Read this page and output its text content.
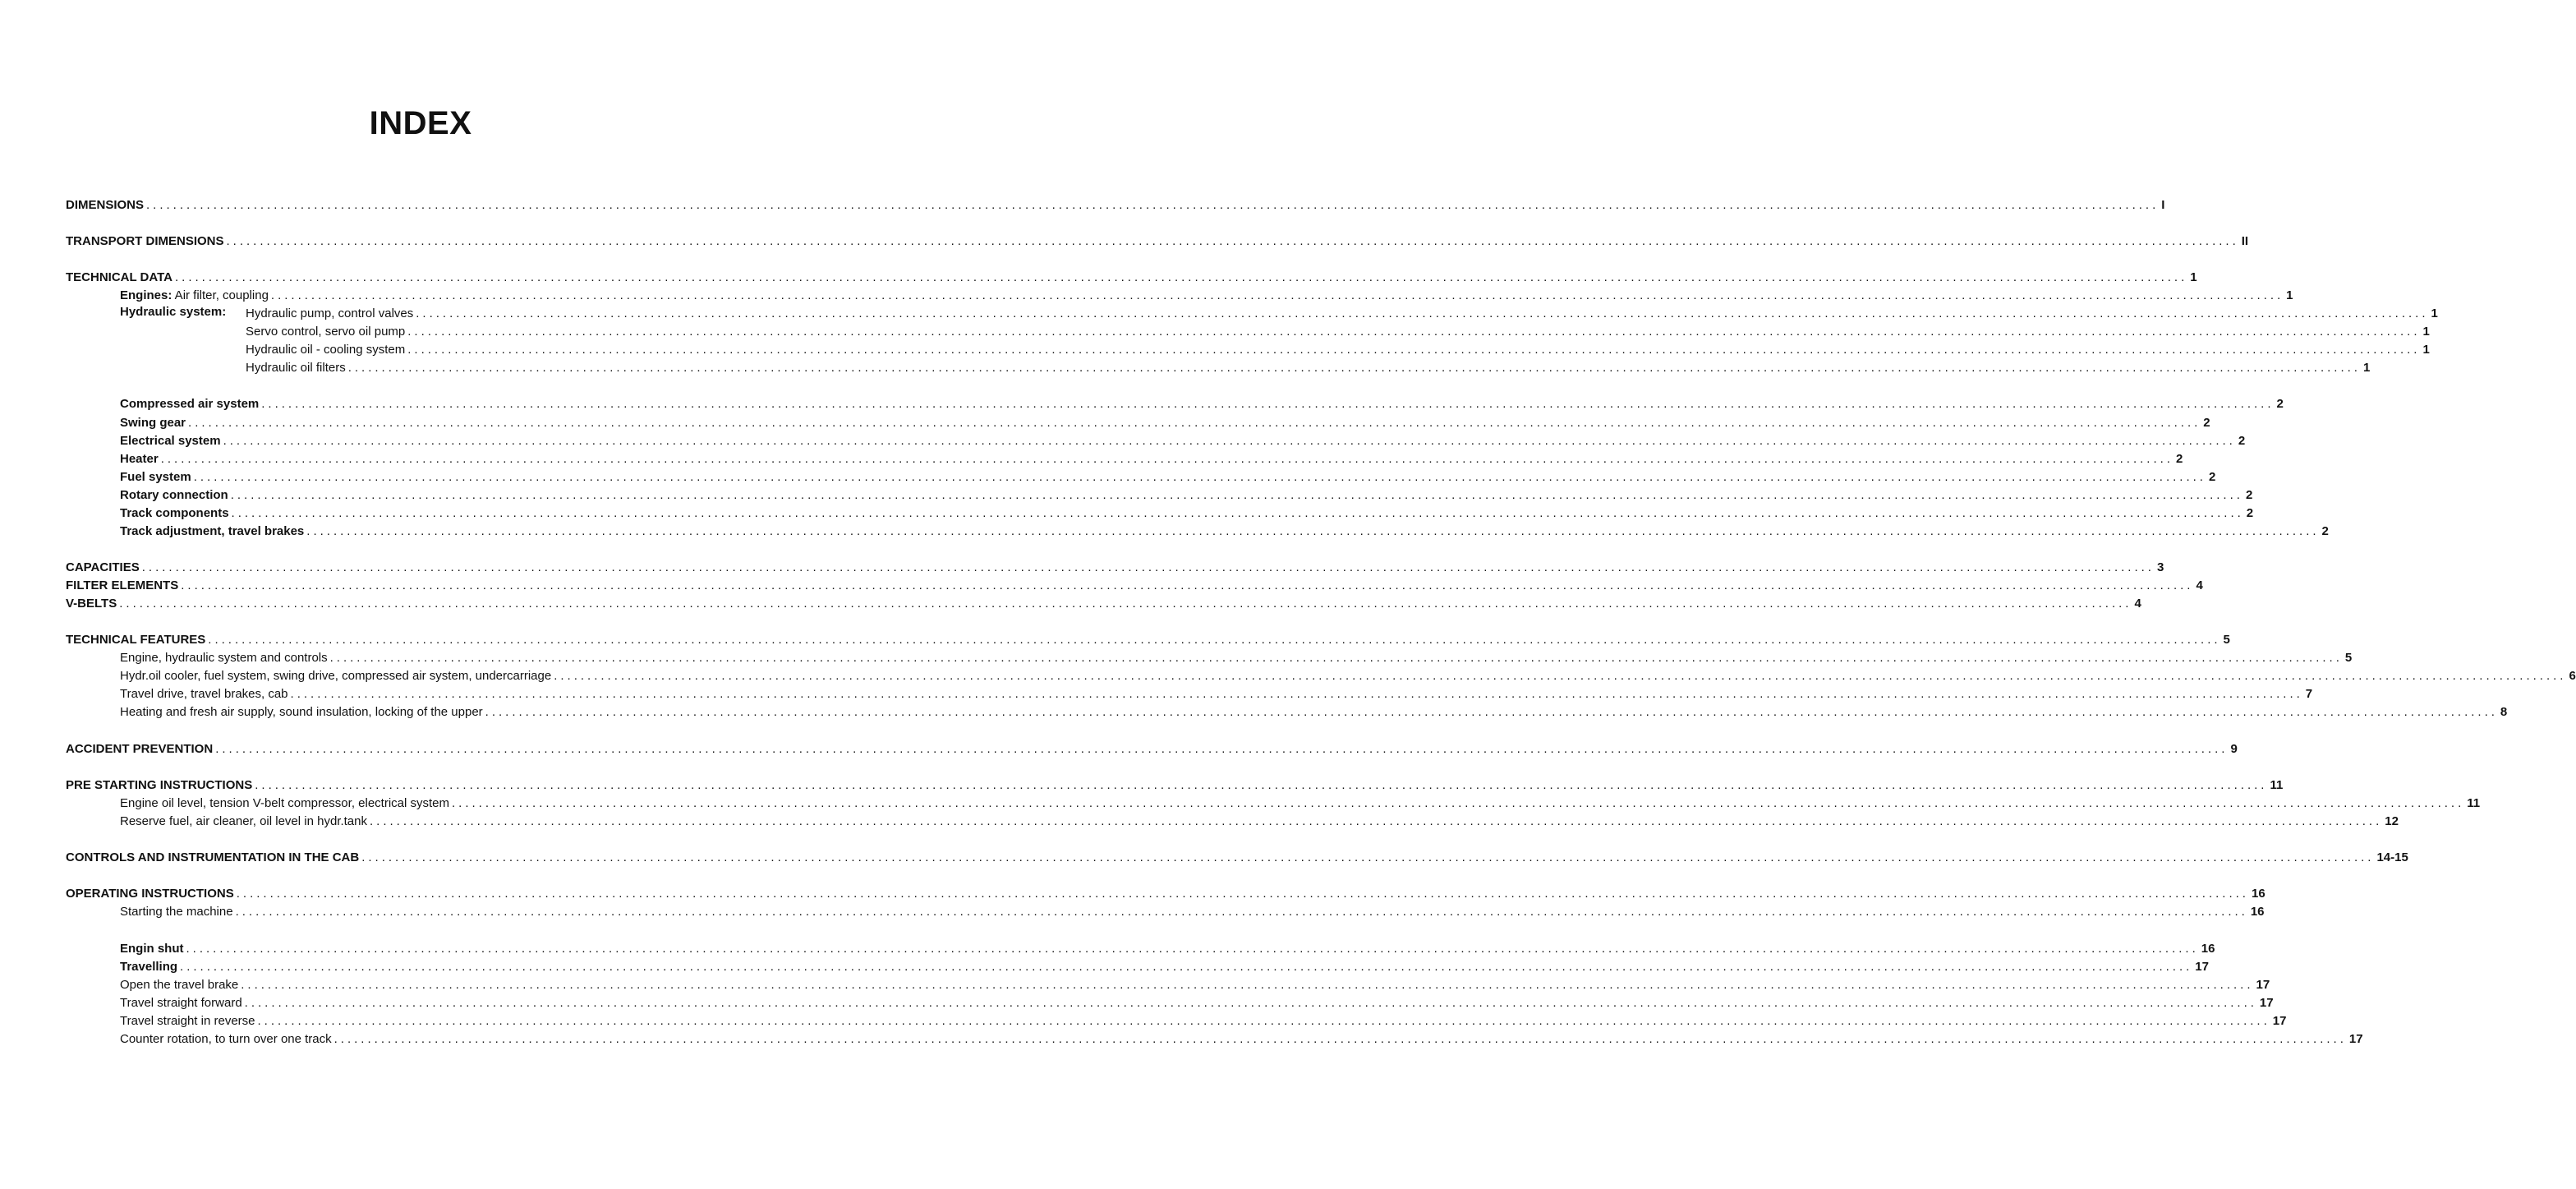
INDEX
Hydraulic system:
DIMENSIONS ............................................................................................................................................................................................................................................................................................................ I
TRANSPORT DIMENSIONS ............................................................................................................................................................................................................................................................................................................ II
TECHNICAL DATA ............................................................................................................................................................................................................................................................................................................ 1
Engines: Air filter, coupling ............................................................................................................................................................................................................................................................................................................ 1
Hydraulic pump, control valves ............................................................................................................................................................................................................................................................................................................ 1
Servo control, servo oil pump ............................................................................................................................................................................................................................................................................................................ 1
Hydraulic oil - cooling system ............................................................................................................................................................................................................................................................................................................ 1
Hydraulic oil filters ............................................................................................................................................................................................................................................................................................................ 1
Compressed air system ............................................................................................................................................................................................................................................................................................................ 2
Swing gear ............................................................................................................................................................................................................................................................................................................ 2
Electrical system ............................................................................................................................................................................................................................................................................................................ 2
Heater ............................................................................................................................................................................................................................................................................................................ 2
Fuel system ............................................................................................................................................................................................................................................................................................................ 2
Rotary connection ............................................................................................................................................................................................................................................................................................................ 2
Track components ............................................................................................................................................................................................................................................................................................................ 2
Track adjustment, travel brakes ............................................................................................................................................................................................................................................................................................................ 2
CAPACITIES ............................................................................................................................................................................................................................................................................................................ 3
FILTER ELEMENTS ............................................................................................................................................................................................................................................................................................................ 4
V-BELTS ............................................................................................................................................................................................................................................................................................................ 4
TECHNICAL FEATURES ............................................................................................................................................................................................................................................................................................................ 5
Engine, hydraulic system and controls ............................................................................................................................................................................................................................................................................................................ 5
Hydr.oil cooler, fuel system, swing drive, compressed air system, undercarriage ............................................................................................................................................................................................................................................................................................................ 6
Travel drive, travel brakes, cab ............................................................................................................................................................................................................................................................................................................ 7
Heating and fresh air supply, sound insulation, locking of the upper ............................................................................................................................................................................................................................................................................................................ 8
ACCIDENT PREVENTION ............................................................................................................................................................................................................................................................................................................ 9
PRE STARTING INSTRUCTIONS ............................................................................................................................................................................................................................................................................................................ 11
Engine oil level, tension V-belt compressor, electrical system ............................................................................................................................................................................................................................................................................................................ 11
Reserve fuel, air cleaner, oil level in hydr.tank ............................................................................................................................................................................................................................................................................................................ 12
CONTROLS AND INSTRUMENTATION IN THE CAB ............................................................................................................................................................................................................................................................................................................ 14-15
OPERATING INSTRUCTIONS ............................................................................................................................................................................................................................................................................................................ 16
Starting the machine ............................................................................................................................................................................................................................................................................................................ 16
Engin shut ............................................................................................................................................................................................................................................................................................................ 16
Travelling ............................................................................................................................................................................................................................................................................................................ 17
Open the travel brake ............................................................................................................................................................................................................................................................................................................ 17
Travel straight forward ............................................................................................................................................................................................................................................................................................................ 17
Travel straight in reverse ............................................................................................................................................................................................................................................................................................................ 17
Counter rotation, to turn over one track ............................................................................................................................................................................................................................................................................................................ 17
